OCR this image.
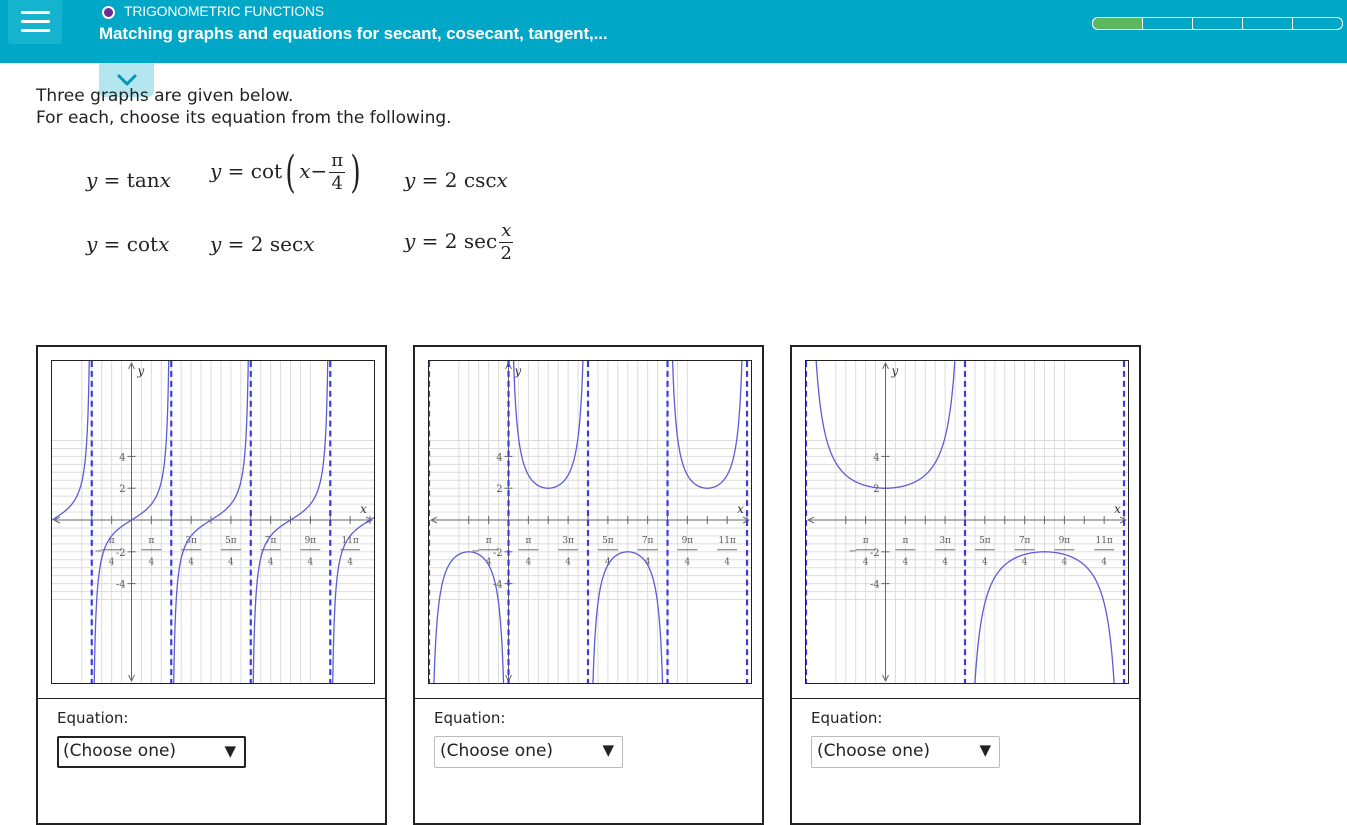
TRIGONOMETRIC FUNCTIONS
Matching graphs and equations for secant, cosecant, tangent,...
Three graphs are given below.
For each, choose its equation from the following.
y = tanx y = cot( $x- \frac{\pi}{4}$ ) y = 2 cscx
y = cotx y = 2 secx	y = 2 $\sec \frac{x}{2}$
x
y
4
2
-2
-4
π
4
−
π
4
3π
4
5π
4
7π
4
9π
4
11π
4
Equation:
(Choose one)	▼
x
y
4
2
-2
-4
π
4
−
π
4
3π
4
5π
4
7π
4
9π
4
11π
4
Equation:
(Choose one)	▼
x
y
4
2
-2
-4
π
4
−
π
4
3π
4
5π
4
7π
4
9π
4
11π
4
Equation:
(Choose one)	▼
